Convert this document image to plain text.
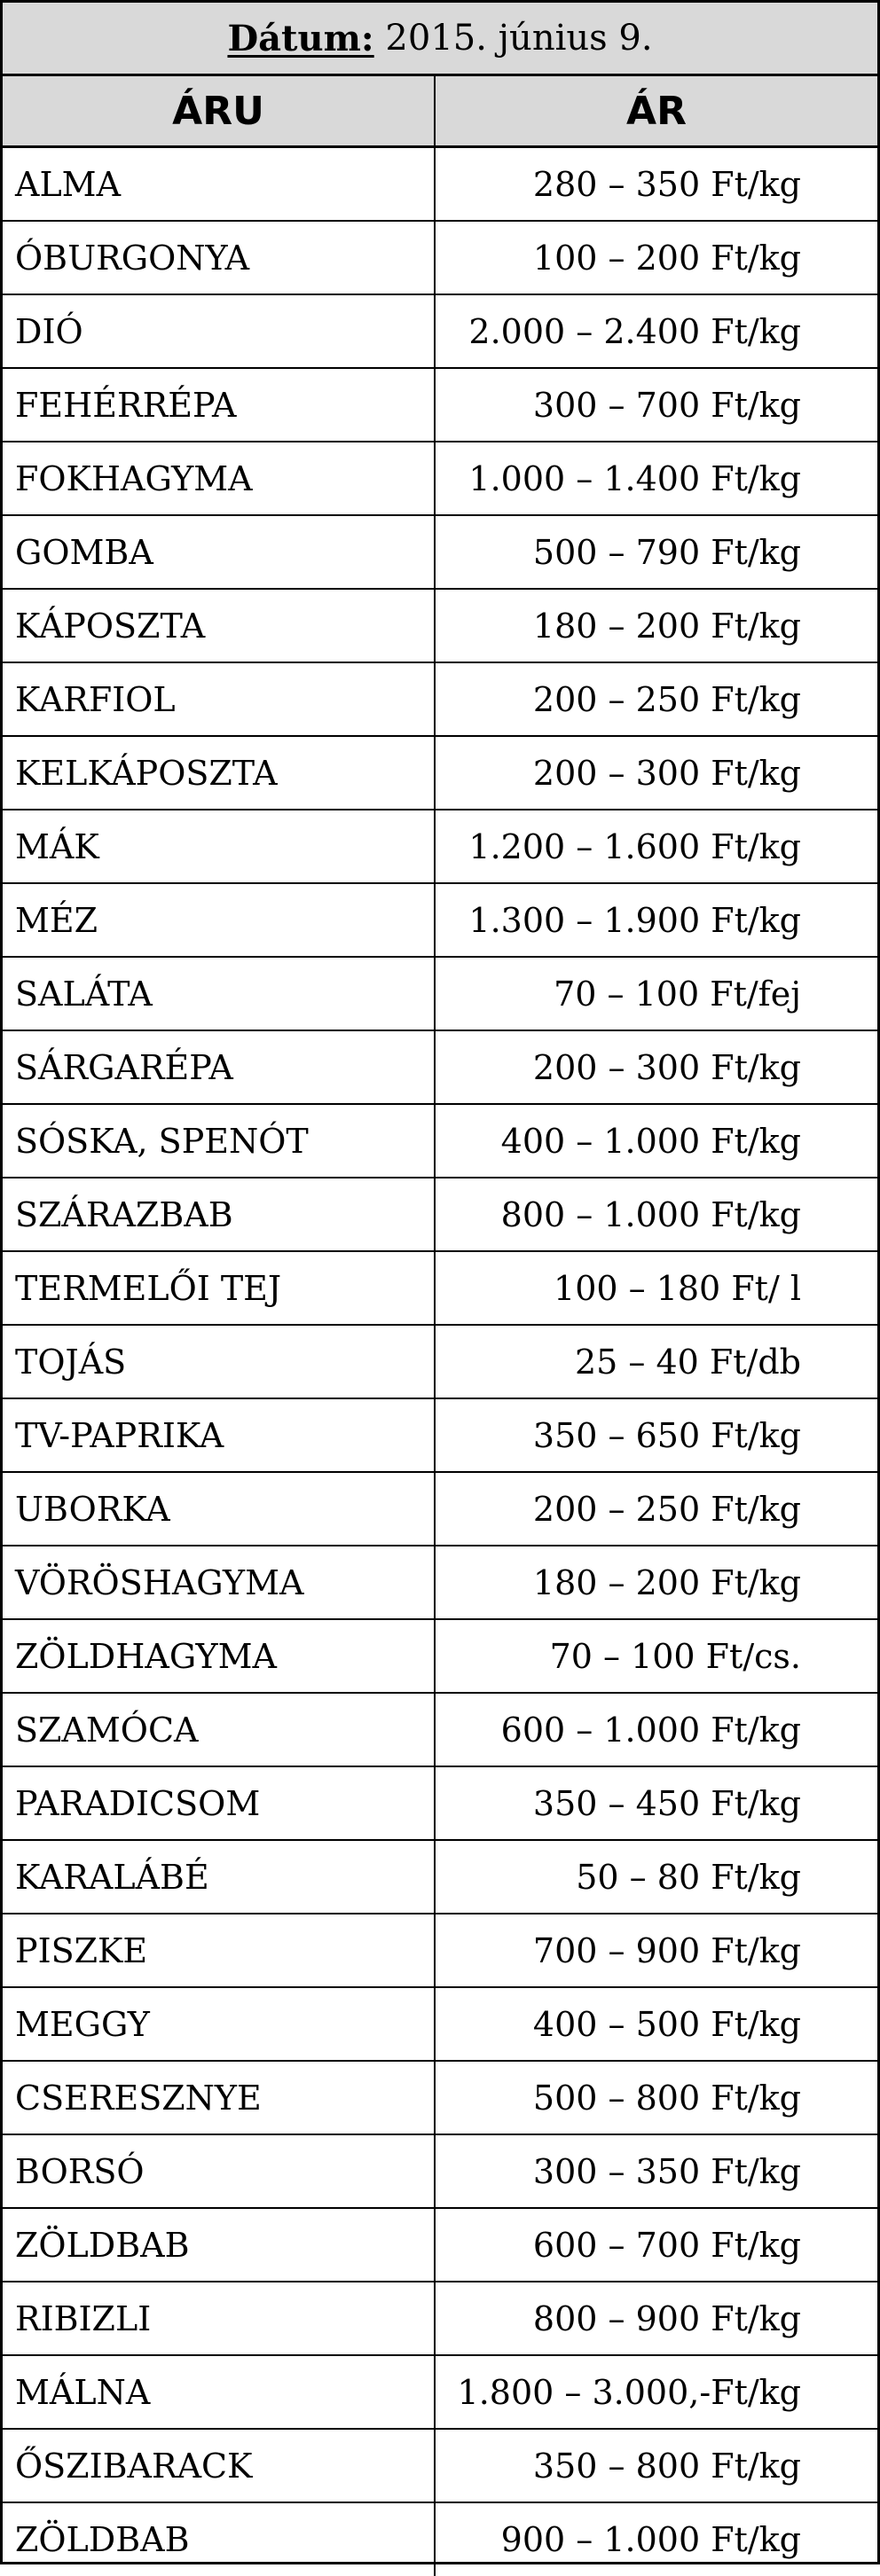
Dátum:
2015. június 9.
ÁRU	ÁR
ALMA	280 – 350 Ft/kg
ÓBURGONYA	100 – 200 Ft/kg
DIÓ	2.000 – 2.400 Ft/kg
FEHÉRRÉPA	300 – 700 Ft/kg
FOKHAGYMA	1.000 – 1.400 Ft/kg
GOMBA	500 – 790 Ft/kg
KÁPOSZTA	180 – 200 Ft/kg
KARFIOL	200 – 250 Ft/kg
KELKÁPOSZTA	200 – 300 Ft/kg
MÁK	1.200 – 1.600 Ft/kg
MÉZ	1.300 – 1.900 Ft/kg
SALÁTA	70 – 100 Ft/fej
SÁRGARÉPA	200 – 300 Ft/kg
SÓSKA, SPENÓT	400 – 1.000 Ft/kg
SZÁRAZBAB	800 – 1.000 Ft/kg
TERMELŐI TEJ	100 – 180 Ft/ l
TOJÁS	25 – 40 Ft/db
TV-PAPRIKA	350 – 650 Ft/kg
UBORKA	200 – 250 Ft/kg
VÖRÖSHAGYMA	180 – 200 Ft/kg
ZÖLDHAGYMA	70 – 100 Ft/cs.
SZAMÓCA	600 – 1.000 Ft/kg
PARADICSOM	350 – 450 Ft/kg
KARALÁBÉ	50 – 80 Ft/kg
PISZKE	700 – 900 Ft/kg
MEGGY	400 – 500 Ft/kg
CSERESZNYE	500 – 800 Ft/kg
BORSÓ	300 – 350 Ft/kg
ZÖLDBAB	600 – 700 Ft/kg
RIBIZLI	800 – 900 Ft/kg
MÁLNA	1.800 – 3.000,-Ft/kg
ŐSZIBARACK	350 – 800 Ft/kg
ZÖLDBAB	900 – 1.000 Ft/kg
